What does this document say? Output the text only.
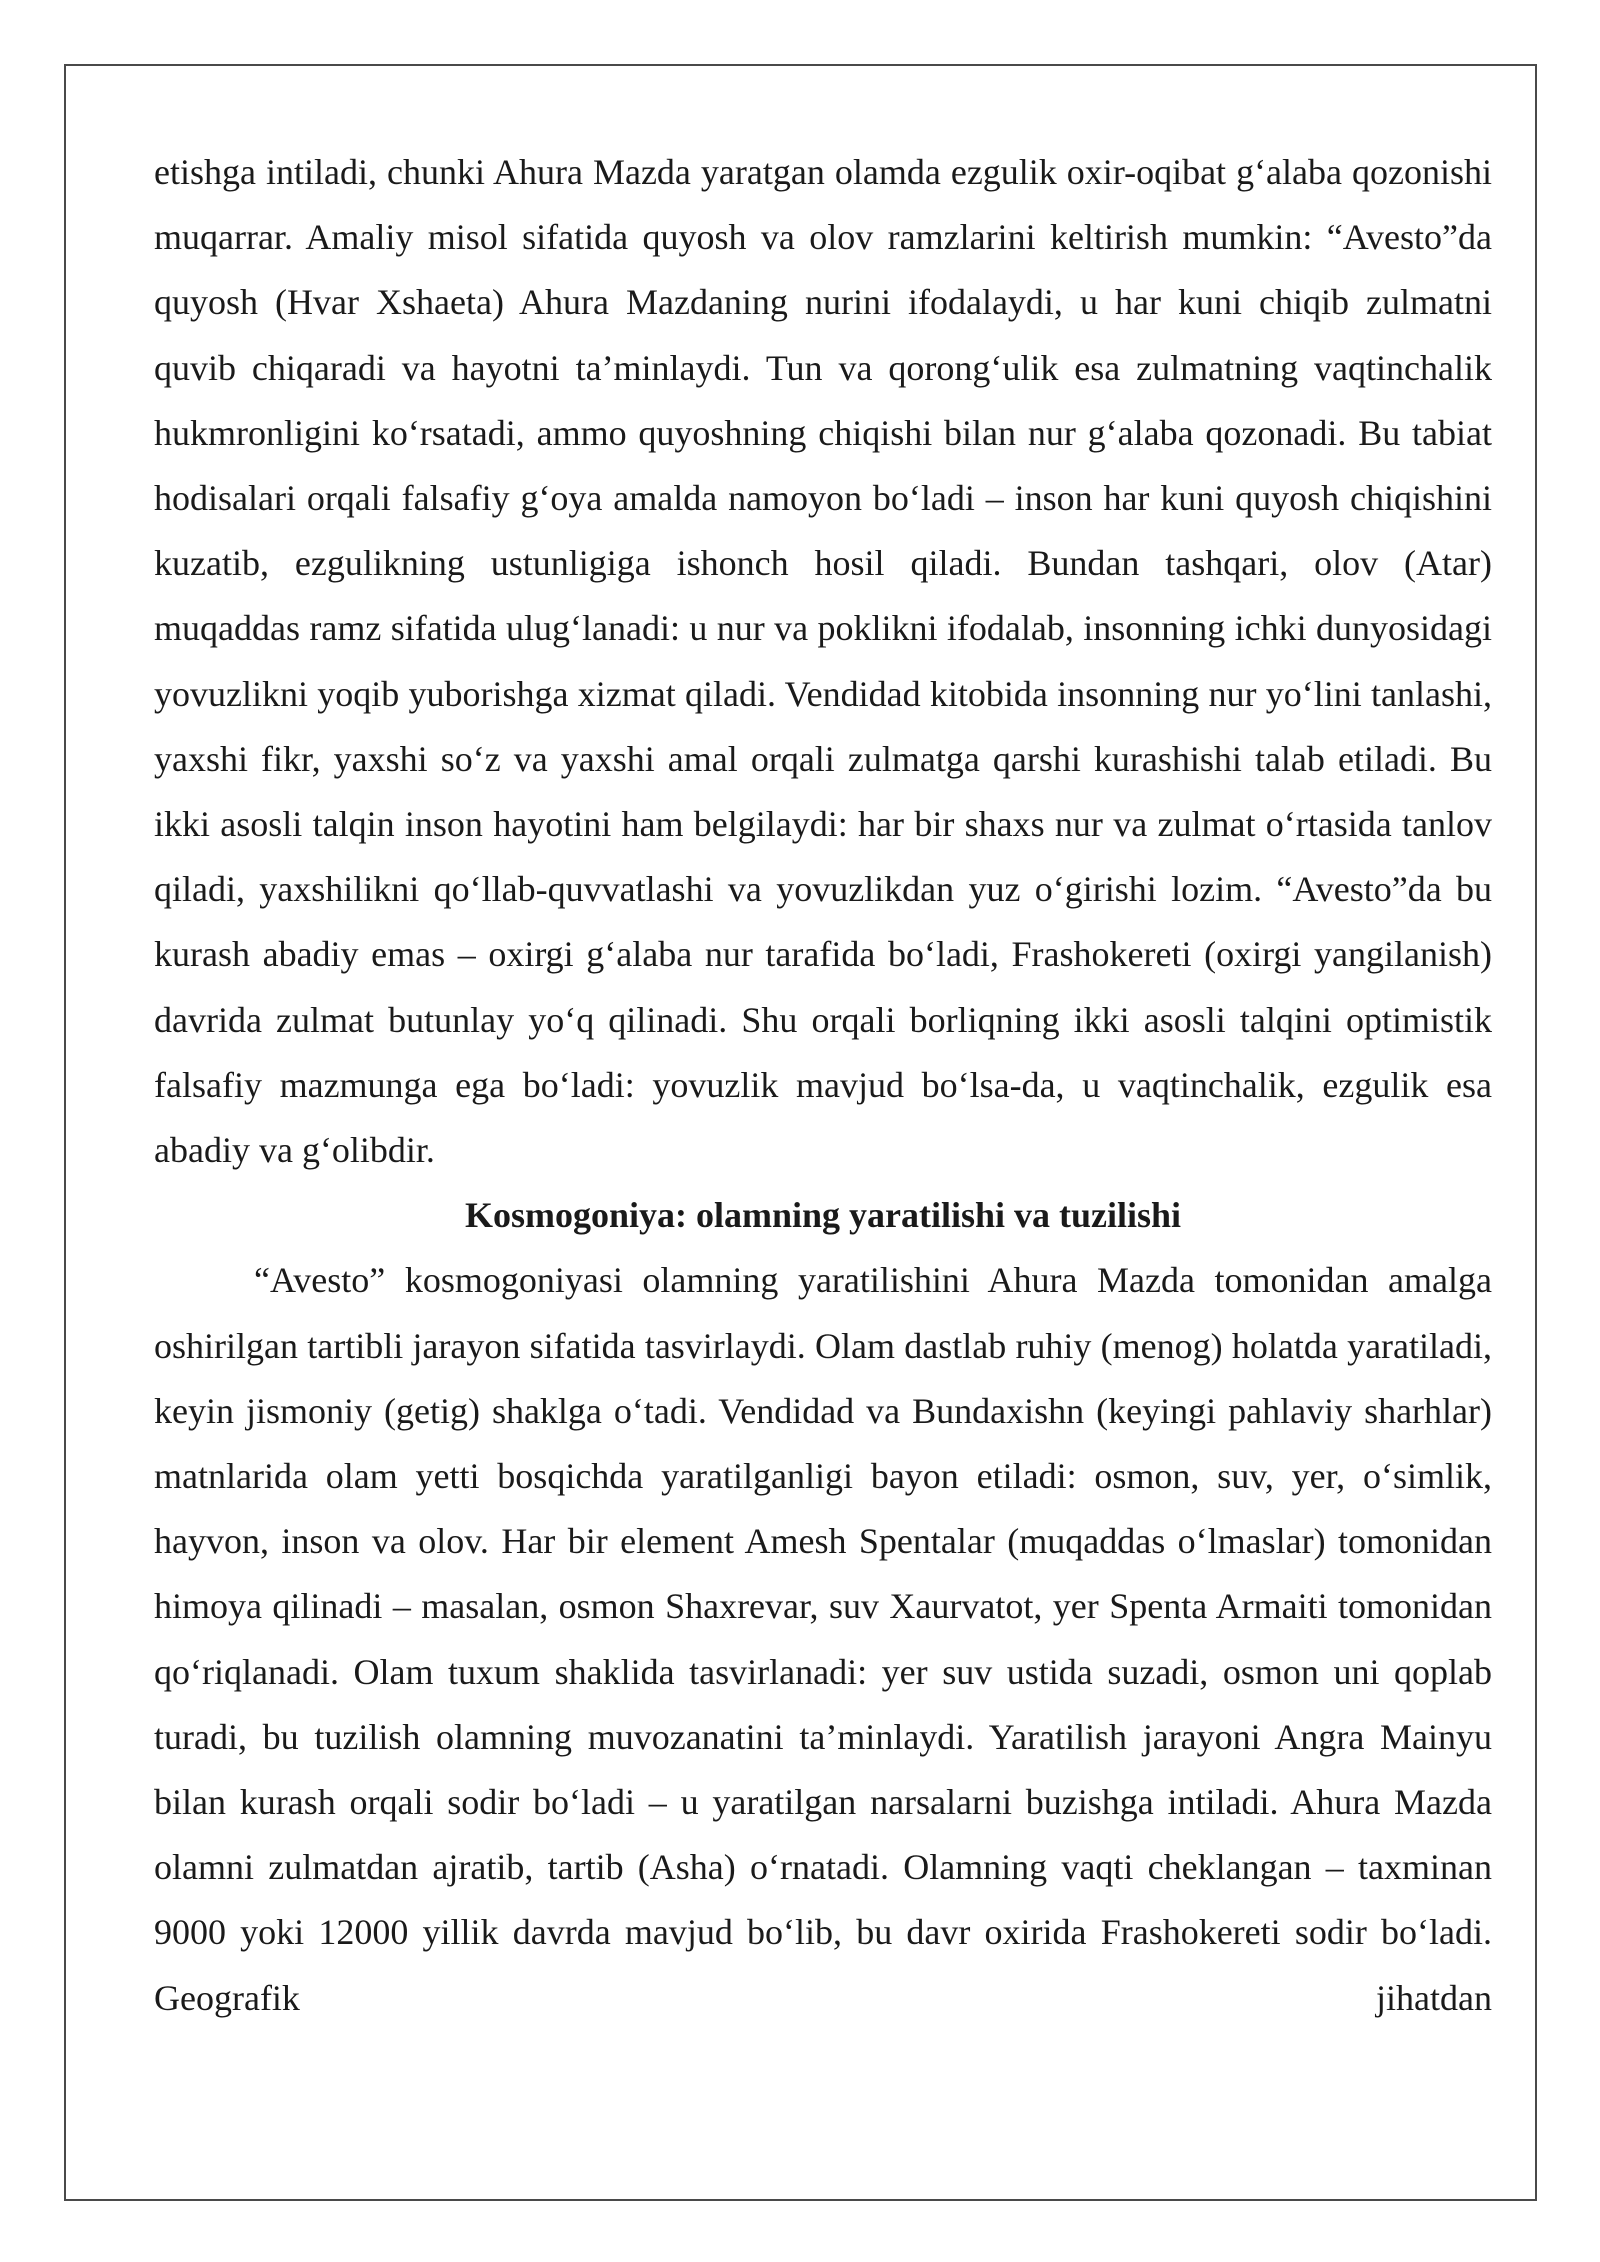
etishga intiladi, chunki Ahura Mazda yaratgan olamda ezgulik oxir-oqibat g‘alaba qozonishi muqarrar. Amaliy misol sifatida quyosh va olov ramzlarini keltirish mumkin: “Avesto”da quyosh (Hvar Xshaeta) Ahura Mazdaning nurini ifodalaydi, u har kuni chiqib zulmatni quvib chiqaradi va hayotni ta’minlaydi. Tun va qorong‘ulik esa zulmatning vaqtinchalik hukmronligini ko‘rsatadi, ammo quyoshning chiqishi bilan nur g‘alaba qozonadi. Bu tabiat hodisalari orqali falsafiy g‘oya amalda namoyon bo‘ladi – inson har kuni quyosh chiqishini kuzatib, ezgulikning ustunligiga ishonch hosil qiladi. Bundan tashqari, olov (Atar) muqaddas ramz sifatida ulug‘lanadi: u nur va poklikni ifodalab, insonning ichki dunyosidagi yovuzlikni yoqib yuborishga xizmat qiladi. Vendidad kitobida insonning nur yo‘lini tanlashi, yaxshi fikr, yaxshi so‘z va yaxshi amal orqali zulmatga qarshi kurashishi talab etiladi. Bu ikki asosli talqin inson hayotini ham belgilaydi: har bir shaxs nur va zulmat o‘rtasida tanlov qiladi, yaxshilikni qo‘llab-quvvatlashi va yovuzlikdan yuz o‘girishi lozim. “Avesto”da bu kurash abadiy emas – oxirgi g‘alaba nur tarafida bo‘ladi, Frashokereti (oxirgi yangilanish) davrida zulmat butunlay yo‘q qilinadi. Shu orqali borliqning ikki asosli talqini optimistik falsafiy mazmunga ega bo‘ladi: yovuzlik mavjud bo‘lsa-da, u vaqtinchalik, ezgulik esa abadiy va g‘olibdir.

Kosmogoniya: olamning yaratilishi va tuzilishi

“Avesto” kosmogoniyasi olamning yaratilishini Ahura Mazda tomonidan amalga oshirilgan tartibli jarayon sifatida tasvirlaydi. Olam dastlab ruhiy (menog) holatda yaratiladi, keyin jismoniy (getig) shaklga o‘tadi. Vendidad va Bundaxishn (keyingi pahlaviy sharhlar) matnlarida olam yetti bosqichda yaratilganligi bayon etiladi: osmon, suv, yer, o‘simlik, hayvon, inson va olov. Har bir element Amesh Spentalar (muqaddas o‘lmaslar) tomonidan himoya qilinadi – masalan, osmon Shaxrevar, suv Xaurvatot, yer Spenta Armaiti tomonidan qo‘riqlanadi. Olam tuxum shaklida tasvirlanadi: yer suv ustida suzadi, osmon uni qoplab turadi, bu tuzilish olamning muvozanatini ta’minlaydi. Yaratilish jarayoni Angra Mainyu bilan kurash orqali sodir bo‘ladi – u yaratilgan narsalarni buzishga intiladi. Ahura Mazda olamni zulmatdan ajratib, tartib (Asha) o‘rnatadi. Olamning vaqti cheklangan – taxminan 9000 yoki 12000 yillik davrda mavjud bo‘lib, bu davr oxirida Frashokereti sodir bo‘ladi. Geografik jihatdan
